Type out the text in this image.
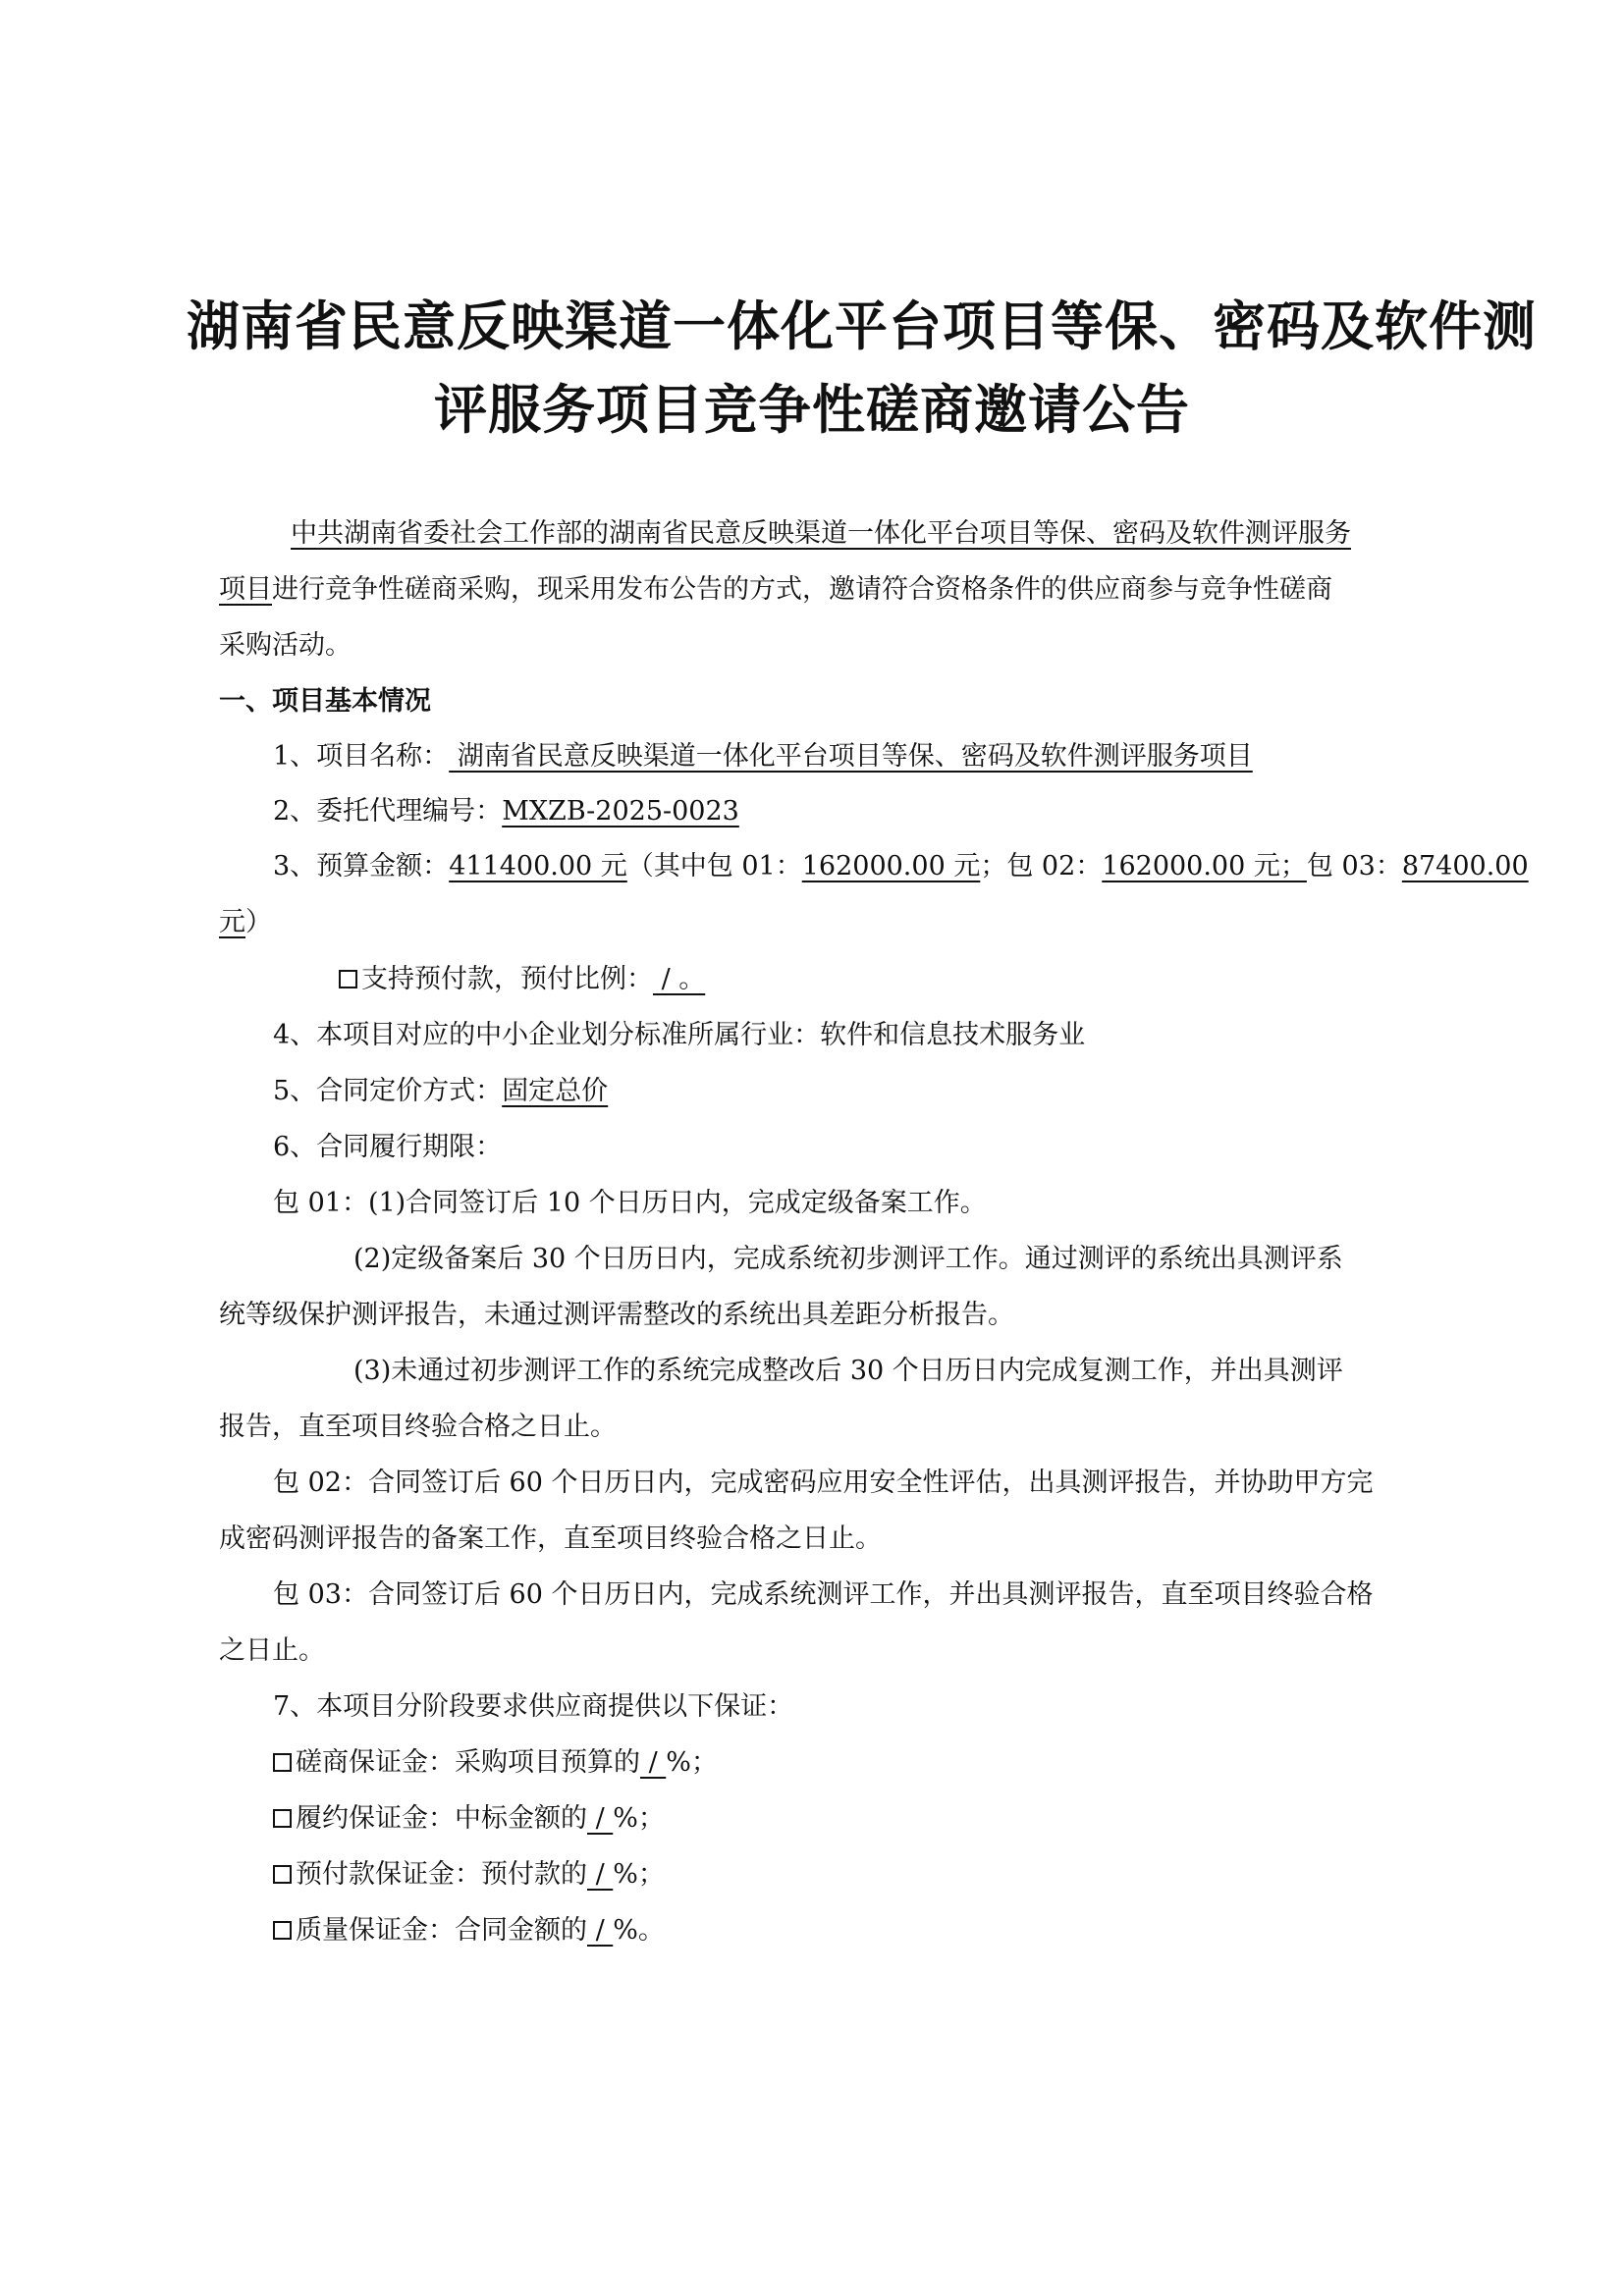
湖南省民意反映渠道一体化平台项目等保、密码及软件测
评服务项目竞争性磋商邀请公告
中共湖南省委社会工作部的湖南省民意反映渠道一体化平台项目等保、密码及软件测评服务
项目进行竞争性磋商采购，现采用发布公告的方式，邀请符合资格条件的供应商参与竞争性磋商
采购活动。
一、项目基本情况
1、项目名称： 湖南省民意反映渠道一体化平台项目等保、密码及软件测评服务项目
2、委托代理编号：MXZB-2025-0023
3、预算金额：411400.00 元（其中包 01：162000.00 元；包 02：162000.00 元；包 03：87400.00
元）
支持预付款，预付比例： / 。
4、本项目对应的中小企业划分标准所属行业：软件和信息技术服务业
5、合同定价方式：固定总价
6、合同履行期限：
包 01：(1)合同签订后 10 个日历日内，完成定级备案工作。
(2)定级备案后 30 个日历日内，完成系统初步测评工作。通过测评的系统出具测评系
统等级保护测评报告，未通过测评需整改的系统出具差距分析报告。
(3)未通过初步测评工作的系统完成整改后 30 个日历日内完成复测工作，并出具测评
报告，直至项目终验合格之日止。
包 02：合同签订后 60 个日历日内，完成密码应用安全性评估，出具测评报告，并协助甲方完
成密码测评报告的备案工作，直至项目终验合格之日止。
包 03：合同签订后 60 个日历日内，完成系统测评工作，并出具测评报告，直至项目终验合格
之日止。
7、本项目分阶段要求供应商提供以下保证：
磋商保证金：采购项目预算的 / %；
履约保证金：中标金额的 / %；
预付款保证金：预付款的 / %；
质量保证金：合同金额的 / %。
